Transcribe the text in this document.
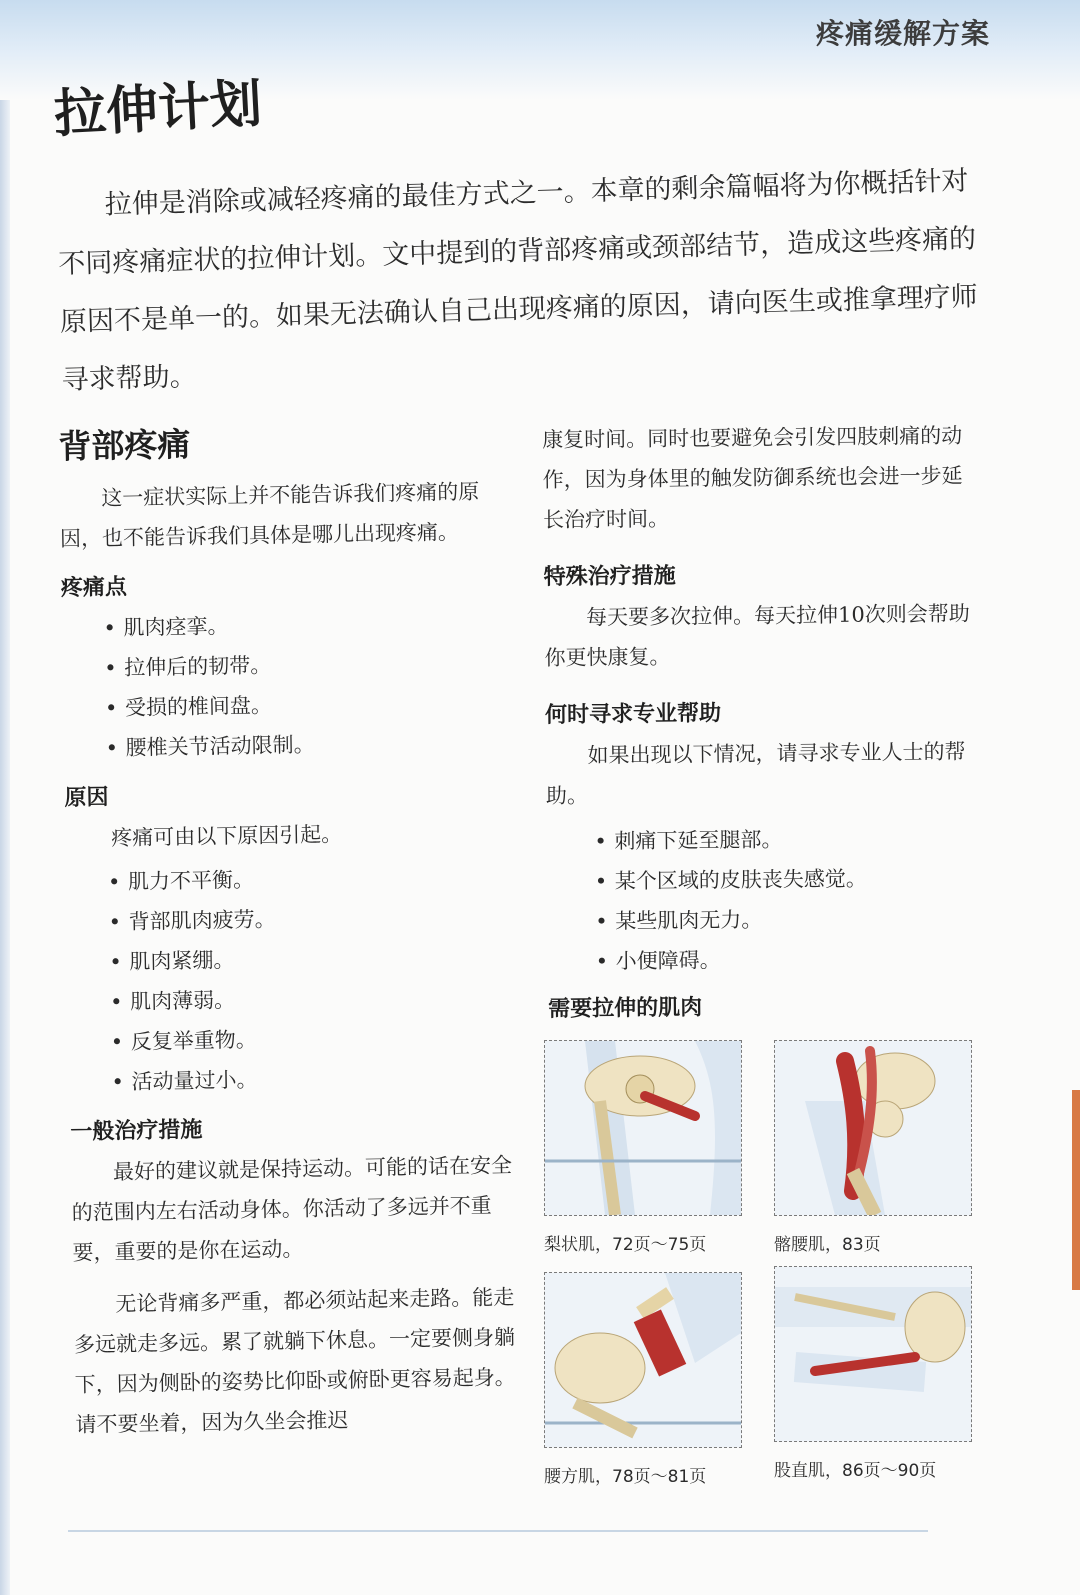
疼痛缓解方案
拉伸计划
拉伸是消除或减轻疼痛的最佳方式之一。本章的剩余篇幅将为你概括针对不同疼痛症状的拉伸计划。文中提到的背部疼痛或颈部结节，造成这些疼痛的原因不是单一的。如果无法确认自己出现疼痛的原因，请向医生或推拿理疗师寻求帮助。
背部疼痛
这一症状实际上并不能告诉我们疼痛的原因，也不能告诉我们具体是哪儿出现疼痛。
疼痛点
• 肌肉痉挛。
• 拉伸后的韧带。
• 受损的椎间盘。
• 腰椎关节活动限制。
原因
疼痛可由以下原因引起。
• 肌力不平衡。
• 背部肌肉疲劳。
• 肌肉紧绷。
• 肌肉薄弱。
• 反复举重物。
• 活动量过小。
一般治疗措施
最好的建议就是保持运动。可能的话在安全的范围内左右活动身体。你活动了多远并不重要，重要的是你在运动。
无论背痛多严重，都必须站起来走路。能走多远就走多远。累了就躺下休息。一定要侧身躺下，因为侧卧的姿势比仰卧或俯卧更容易起身。请不要坐着，因为久坐会推迟
康复时间。同时也要避免会引发四肢刺痛的动作，因为身体里的触发防御系统也会进一步延长治疗时间。
特殊治疗措施
每天要多次拉伸。每天拉伸10次则会帮助你更快康复。
何时寻求专业帮助
如果出现以下情况，请寻求专业人士的帮助。
• 刺痛下延至腿部。
• 某个区域的皮肤丧失感觉。
• 某些肌肉无力。
• 小便障碍。
需要拉伸的肌肉
梨状肌，72页～75页	髂腰肌，83页
腰方肌，78页～81页	股直肌，86页～90页
